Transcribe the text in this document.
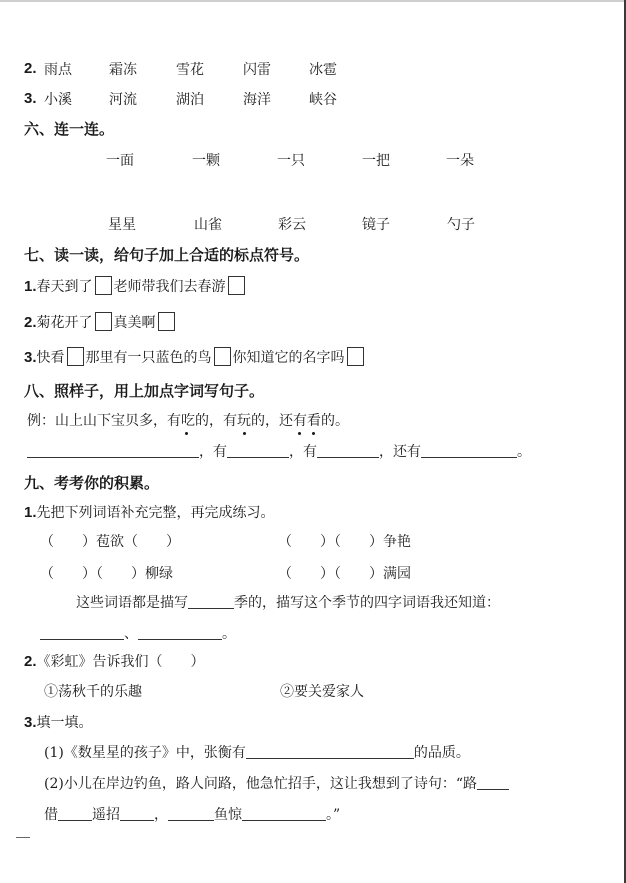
2. 雨点	霜冻	雪花	闪雷	冰雹
3. 小溪	河流	湖泊	海洋	峡谷
六、连一连。
一面	一颗	一只	一把	一朵
星星	山雀	彩云	镜子	勺子
七、读一读，给句子加上合适的标点符号。
1.春天到了 老师带我们去春游
2.菊花开了 真美啊
3.快看 那里有一只蓝色的鸟 你知道它的名字吗
八、照样子，用上加点字词写句子。
例：山上山下宝贝多，有吃的，有玩的，还有看的。
，有	，有	，还有	。
九、考考你的积累。
1.先把下列词语补充完整，再完成练习。
（　　）苞欲（　　）	（　　）（　　）争艳
（　　）（　　）柳绿	（　　）（　　）满园
这些词语都是描写	季的，描写这个季节的四字词语我还知道：
、	。
2.《彩虹》告诉我们（　　）
①荡秋千的乐趣	②要关爱家人
3.填一填。
(1)《数星星的孩子》中，张衡有	的品质。
(2)小儿在岸边钓鱼，路人问路，他急忙招手，这让我想到了诗句：“路
借 遥招 ，	鱼惊	。”
